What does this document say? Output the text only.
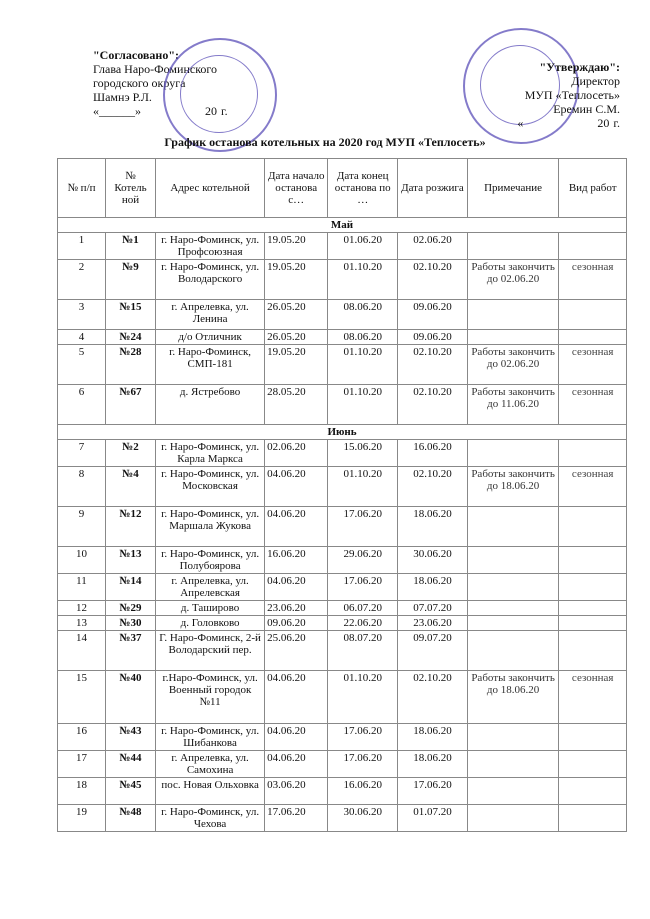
"Согласовано":
Глава Наро-Фоминского
городского округа
Шамнэ Р.Л.
«______»	20 г.
"Утверждаю":
Директор
МУП «Теплосеть»
Еремин С.М.
«	20 г.
График останова котельных на 2020 год МУП «Теплосеть»
№ п/п	№ Котель ной	Адрес котельной	Дата начало останова с…	Дата конец останова по …	Дата розжига	Примечание	Вид работ
Май							
1	№1	г. Наро-Фоминск, ул. Профсоюзная	19.05.20	01.06.20	02.06.20		
2	№9	г. Наро-Фоминск, ул. Володарского	19.05.20	01.10.20	02.10.20	Работы закончить до 02.06.20	сезонная
3	№15	г. Апрелевка, ул. Ленина	26.05.20	08.06.20	09.06.20		
4	№24	д/о Отличник	26.05.20	08.06.20	09.06.20		
5	№28	г. Наро-Фоминск, СМП-181	19.05.20	01.10.20	02.10.20	Работы закончить до 02.06.20	сезонная
6	№67	д. Ястребово	28.05.20	01.10.20	02.10.20	Работы закончить до 11.06.20	сезонная
Июнь							
7	№2	г. Наро-Фоминск, ул. Карла Маркса	02.06.20	15.06.20	16.06.20		
8	№4	г. Наро-Фоминск, ул. Московская	04.06.20	01.10.20	02.10.20	Работы закончить до 18.06.20	сезонная
9	№12	г. Наро-Фоминск, ул. Маршала Жукова	04.06.20	17.06.20	18.06.20		
10	№13	г. Наро-Фоминск, ул. Полубоярова	16.06.20	29.06.20	30.06.20		
11	№14	г. Апрелевка, ул. Апрелевская	04.06.20	17.06.20	18.06.20		
12	№29	д. Таширово	23.06.20	06.07.20	07.07.20		
13	№30	д. Головково	09.06.20	22.06.20	23.06.20		
14	№37	Г. Наро-Фоминск, 2-й Володарский пер.	25.06.20	08.07.20	09.07.20		
15	№40	г.Наро-Фоминск, ул. Военный городок №11	04.06.20	01.10.20	02.10.20	Работы закончить до 18.06.20	сезонная
16	№43	г. Наро-Фоминск, ул. Шибанкова	04.06.20	17.06.20	18.06.20		
17	№44	г. Апрелевка, ул. Самохина	04.06.20	17.06.20	18.06.20		
18	№45	пос. Новая Ольховка	03.06.20	16.06.20	17.06.20		
19	№48	г. Наро-Фоминск, ул. Чехова	17.06.20	30.06.20	01.07.20		
